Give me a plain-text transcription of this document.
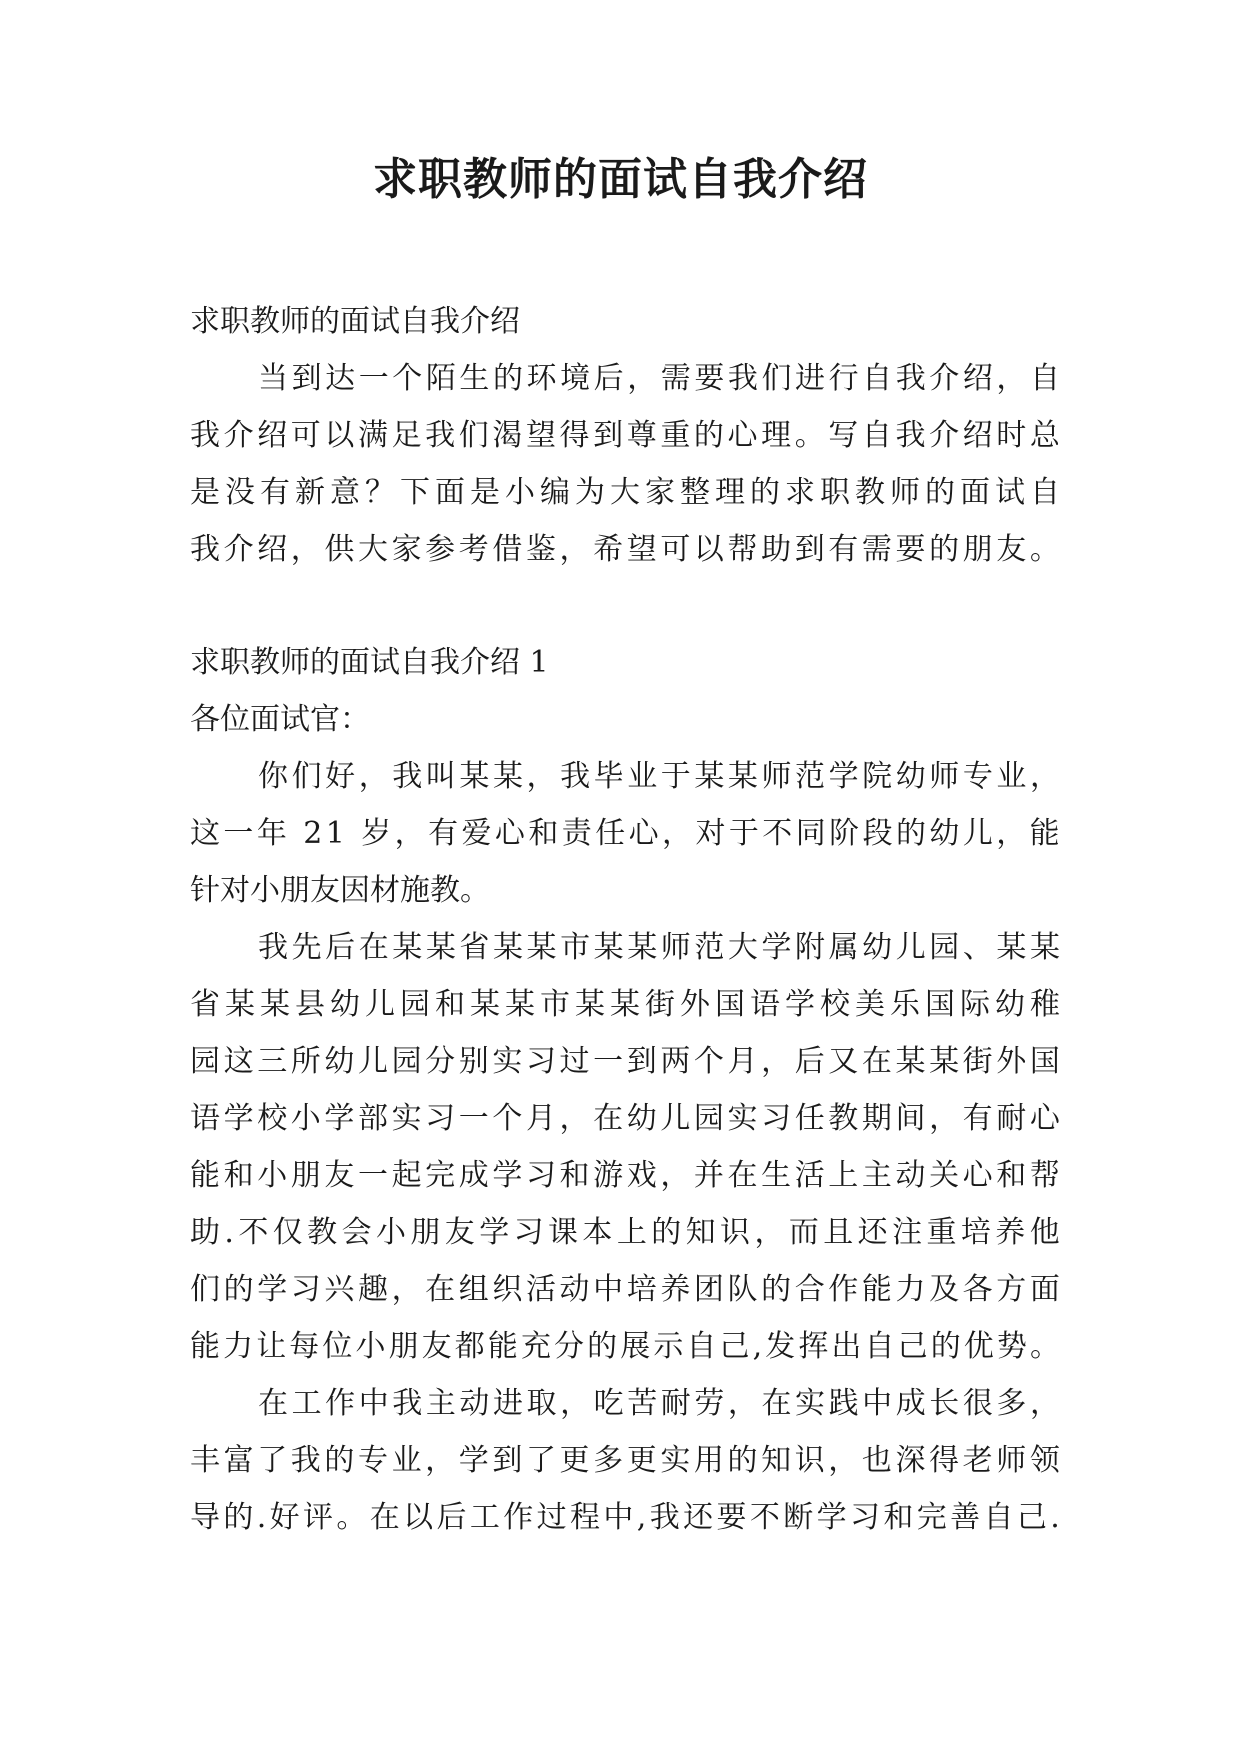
求职教师的面试自我介绍
求职教师的面试自我介绍
当 到 达 一 个 陌 生 的 环 境 后 ， 需 要 我 们 进 行 自 我 介 绍 ， 自
我 介 绍 可 以 满 足 我 们 渴 望 得 到 尊 重 的 心 理 。 写 自 我 介 绍 时 总
是 没 有 新 意 ？ 下 面 是 小 编 为 大 家 整 理 的 求 职 教 师 的 面 试 自
我 介 绍 ， 供 大 家 参 考 借 鉴 ， 希 望 可 以 帮 助 到 有 需 要 的 朋 友 。
求职教师的面试自我介绍 1
各位面试官：
你 们 好 ， 我 叫 某 某 ， 我 毕 业 于 某 某 师 范 学 院 幼 师 专 业 ，
这 一 年
2 1
岁 ， 有 爱 心 和 责 任 心 ， 对 于 不 同 阶 段 的 幼 儿 ， 能
针对小朋友因材施教。
我 先 后 在 某 某 省 某 某 市 某 某 师 范 大 学 附 属 幼 儿 园 、 某 某
省 某 某 县 幼 儿 园 和 某 某 市 某 某 街 外 国 语 学 校 美 乐 国 际 幼 稚
园 这 三 所 幼 儿 园 分 别 实 习 过 一 到 两 个 月 ， 后 又 在 某 某 街 外 国
语 学 校 小 学 部 实 习 一 个 月 ， 在 幼 儿 园 实 习 任 教 期 间 ， 有 耐 心
能 和 小 朋 友 一 起 完 成 学 习 和 游 戏 ， 并 在 生 活 上 主 动 关 心 和 帮
助 . 不 仅 教 会 小 朋 友 学 习 课 本 上 的 知 识 ， 而 且 还 注 重 培 养 他
们 的 学 习 兴 趣 ， 在 组 织 活 动 中 培 养 团 队 的 合 作 能 力 及 各 方 面
能 力 让 每 位 小 朋 友 都 能 充 分 的 展 示 自 己 , 发 挥 出 自 己 的 优 势 。
在 工 作 中 我 主 动 进 取 ， 吃 苦 耐 劳 ， 在 实 践 中 成 长 很 多 ，
丰 富 了 我 的 专 业 ， 学 到 了 更 多 更 实 用 的 知 识 ， 也 深 得 老 师 领
导 的 . 好 评 。 在 以 后 工 作 过 程 中 , 我 还 要 不 断 学 习 和 完 善 自 己 .
